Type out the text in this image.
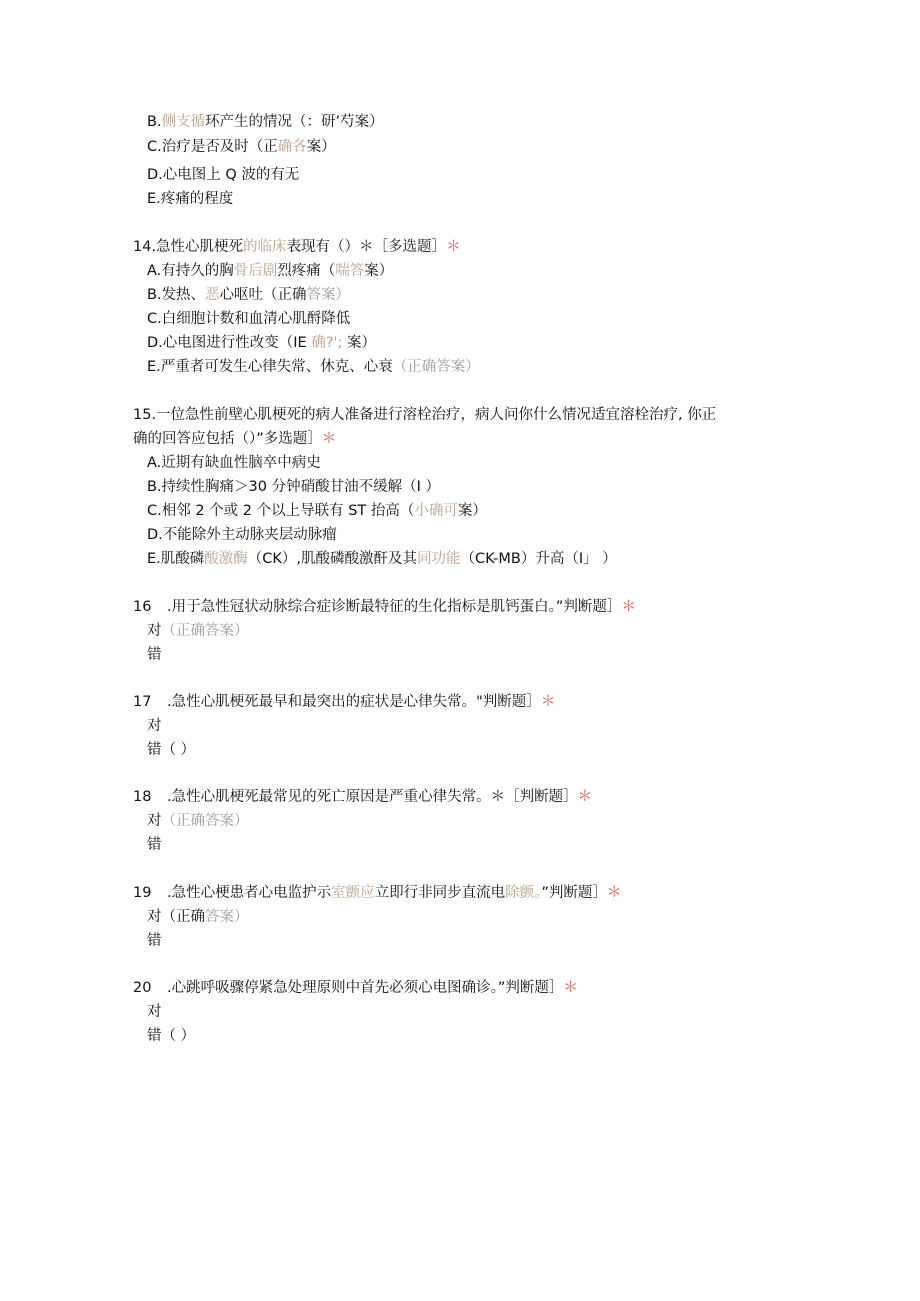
B.侧支循环产生的情况（：研’芍案）
C.治疗是否及时（正确各案）
D.心电图上 Q 波的有无
E.疼痛的程度
14.急性心肌梗死的临床表现有（）＊［多选题］＊
A.有持久的胸骨后剧烈疼痛（喘答案）
B.发热、恶心呕吐（正确答案）
C.白细胞计数和血清心肌酹降低
D.心电图进行性改变（IE 确?'; 案）
E.严重者可发生心律失常、休克、心衰（正确答案）
15.一位急性前壁心肌梗死的病人准备进行溶栓治疗，病人问你什么情况适宜溶栓治疗, 你正
确的回答应包括（）”多选题］＊
A.近期有缺血性脑卒中病史
B.持续性胸痛＞30 分钟硝酸甘油不缓解（I ）
C.相邻 2 个或 2 个以上导联有 ST 抬高（小确可案）
D.不能除外主动脉夹层动脉瘤
E.肌酸磷酸激酶（CK）,肌酸磷酸激酐及其同功能（CK-MB）升高（I」 ）
16 .用于急性冠状动脉综合症诊断最特征的生化指标是肌钙蛋白。”判断题］＊
对（正确答案）
错
17 .急性心肌梗死最早和最突出的症状是心律失常。"判断题］＊
对
错（ ）
18 .急性心肌梗死最常见的死亡原因是严重心律失常。＊［判断题］＊
对（正确答案）
错
19 .急性心梗患者心电监护示室颤应立即行非同步直流电除颤。”判断题］＊
对（正确答案）
错
20 .心跳呼吸骤停紧急处理原则中首先必须心电图确诊。”判断题］＊
对
错（ ）
